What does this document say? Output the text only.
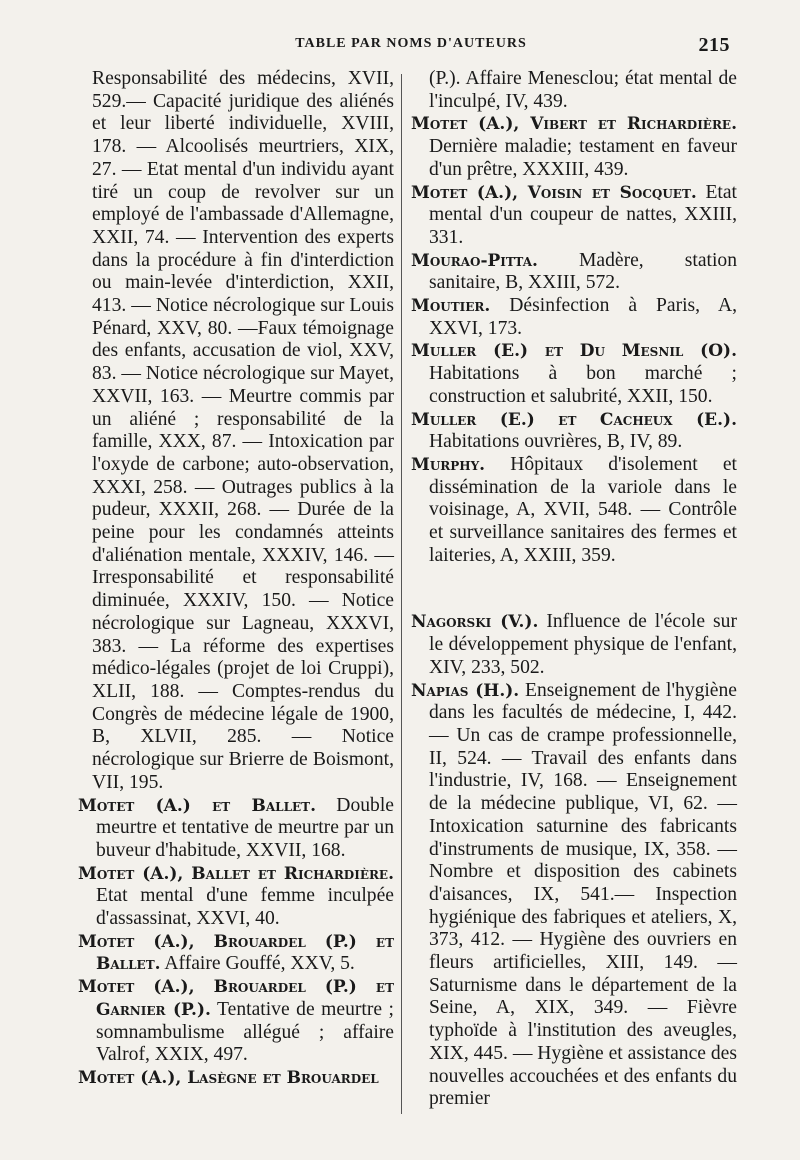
TABLE PAR NOMS D'AUTEURS	215

Responsabilité des médecins, XVII, 529.— Capacité juridique des aliénés et leur liberté individuelle, XVIII, 178. — Alcoolisés meurtriers, XIX, 27. — Etat mental d'un individu ayant tiré un coup de revolver sur un employé de l'ambassade d'Allemagne, XXII, 74. — Intervention des experts dans la procédure à fin d'interdiction ou main-levée d'interdiction, XXII, 413. — Notice nécrologique sur Louis Pénard, XXV, 80. —Faux témoignage des enfants, accusation de viol, XXV, 83. — Notice nécrologique sur Mayet, XXVII, 163. — Meurtre commis par un aliéné ; responsabilité de la famille, XXX, 87. — Intoxication par l'oxyde de carbone; auto-observation, XXXI, 258. — Outrages publics à la pudeur, XXXII, 268. — Durée de la peine pour les condamnés atteints d'aliénation mentale, XXXIV, 146. — Irresponsabilité et responsabilité diminuée, XXXIV, 150. — Notice nécrologique sur Lagneau, XXXVI, 383. — La réforme des expertises médico-légales (projet de loi Cruppi), XLII, 188. — Comptes-rendus du Congrès de médecine légale de 1900, B, XLVII, 285. — Notice nécrologique sur Brierre de Boismont, VII, 195.

Motet (A.) et Ballet. Double meurtre et tentative de meurtre par un buveur d'habitude, XXVII, 168.

Motet (A.), Ballet et Richardière. Etat mental d'une femme inculpée d'assassinat, XXVI, 40.

Motet (A.), Brouardel (P.) et Ballet. Affaire Gouffé, XXV, 5.

Motet (A.), Brouardel (P.) et Garnier (P.). Tentative de meurtre ; somnambulisme allégué ; affaire Valrof, XXIX, 497.

Motet (A.), Lasègne et Brouardel

(P.). Affaire Menesclou; état mental de l'inculpé, IV, 439.

Motet (A.), Vibert et Richardière. Dernière maladie; testament en faveur d'un prêtre, XXXIII, 439.

Motet (A.), Voisin et Socquet. Etat mental d'un coupeur de nattes, XXIII, 331.

Mourao-Pitta. Madère, station sanitaire, B, XXIII, 572.

Moutier. Désinfection à Paris, A, XXVI, 173.

Muller (E.) et Du Mesnil (O). Habitations à bon marché ; construction et salubrité, XXII, 150.

Muller (E.) et Cacheux (E.). Habitations ouvrières, B, IV, 89.

Murphy. Hôpitaux d'isolement et dissémination de la variole dans le voisinage, A, XVII, 548. — Contrôle et surveillance sanitaires des fermes et laiteries, A, XXIII, 359.

Nagorski (V.). Influence de l'école sur le développement physique de l'enfant, XIV, 233, 502.

Napias (H.). Enseignement de l'hygiène dans les facultés de médecine, I, 442. — Un cas de crampe professionnelle, II, 524. — Travail des enfants dans l'industrie, IV, 168. — Enseignement de la médecine publique, VI, 62. — Intoxication saturnine des fabricants d'instruments de musique, IX, 358. — Nombre et disposition des cabinets d'aisances, IX, 541.— Inspection hygiénique des fabriques et ateliers, X, 373, 412. — Hygiène des ouvriers en fleurs artificielles, XIII, 149. — Saturnisme dans le département de la Seine, A, XIX, 349. — Fièvre typhoïde à l'institution des aveugles, XIX, 445. — Hygiène et assistance des nouvelles accouchées et des enfants du premier
